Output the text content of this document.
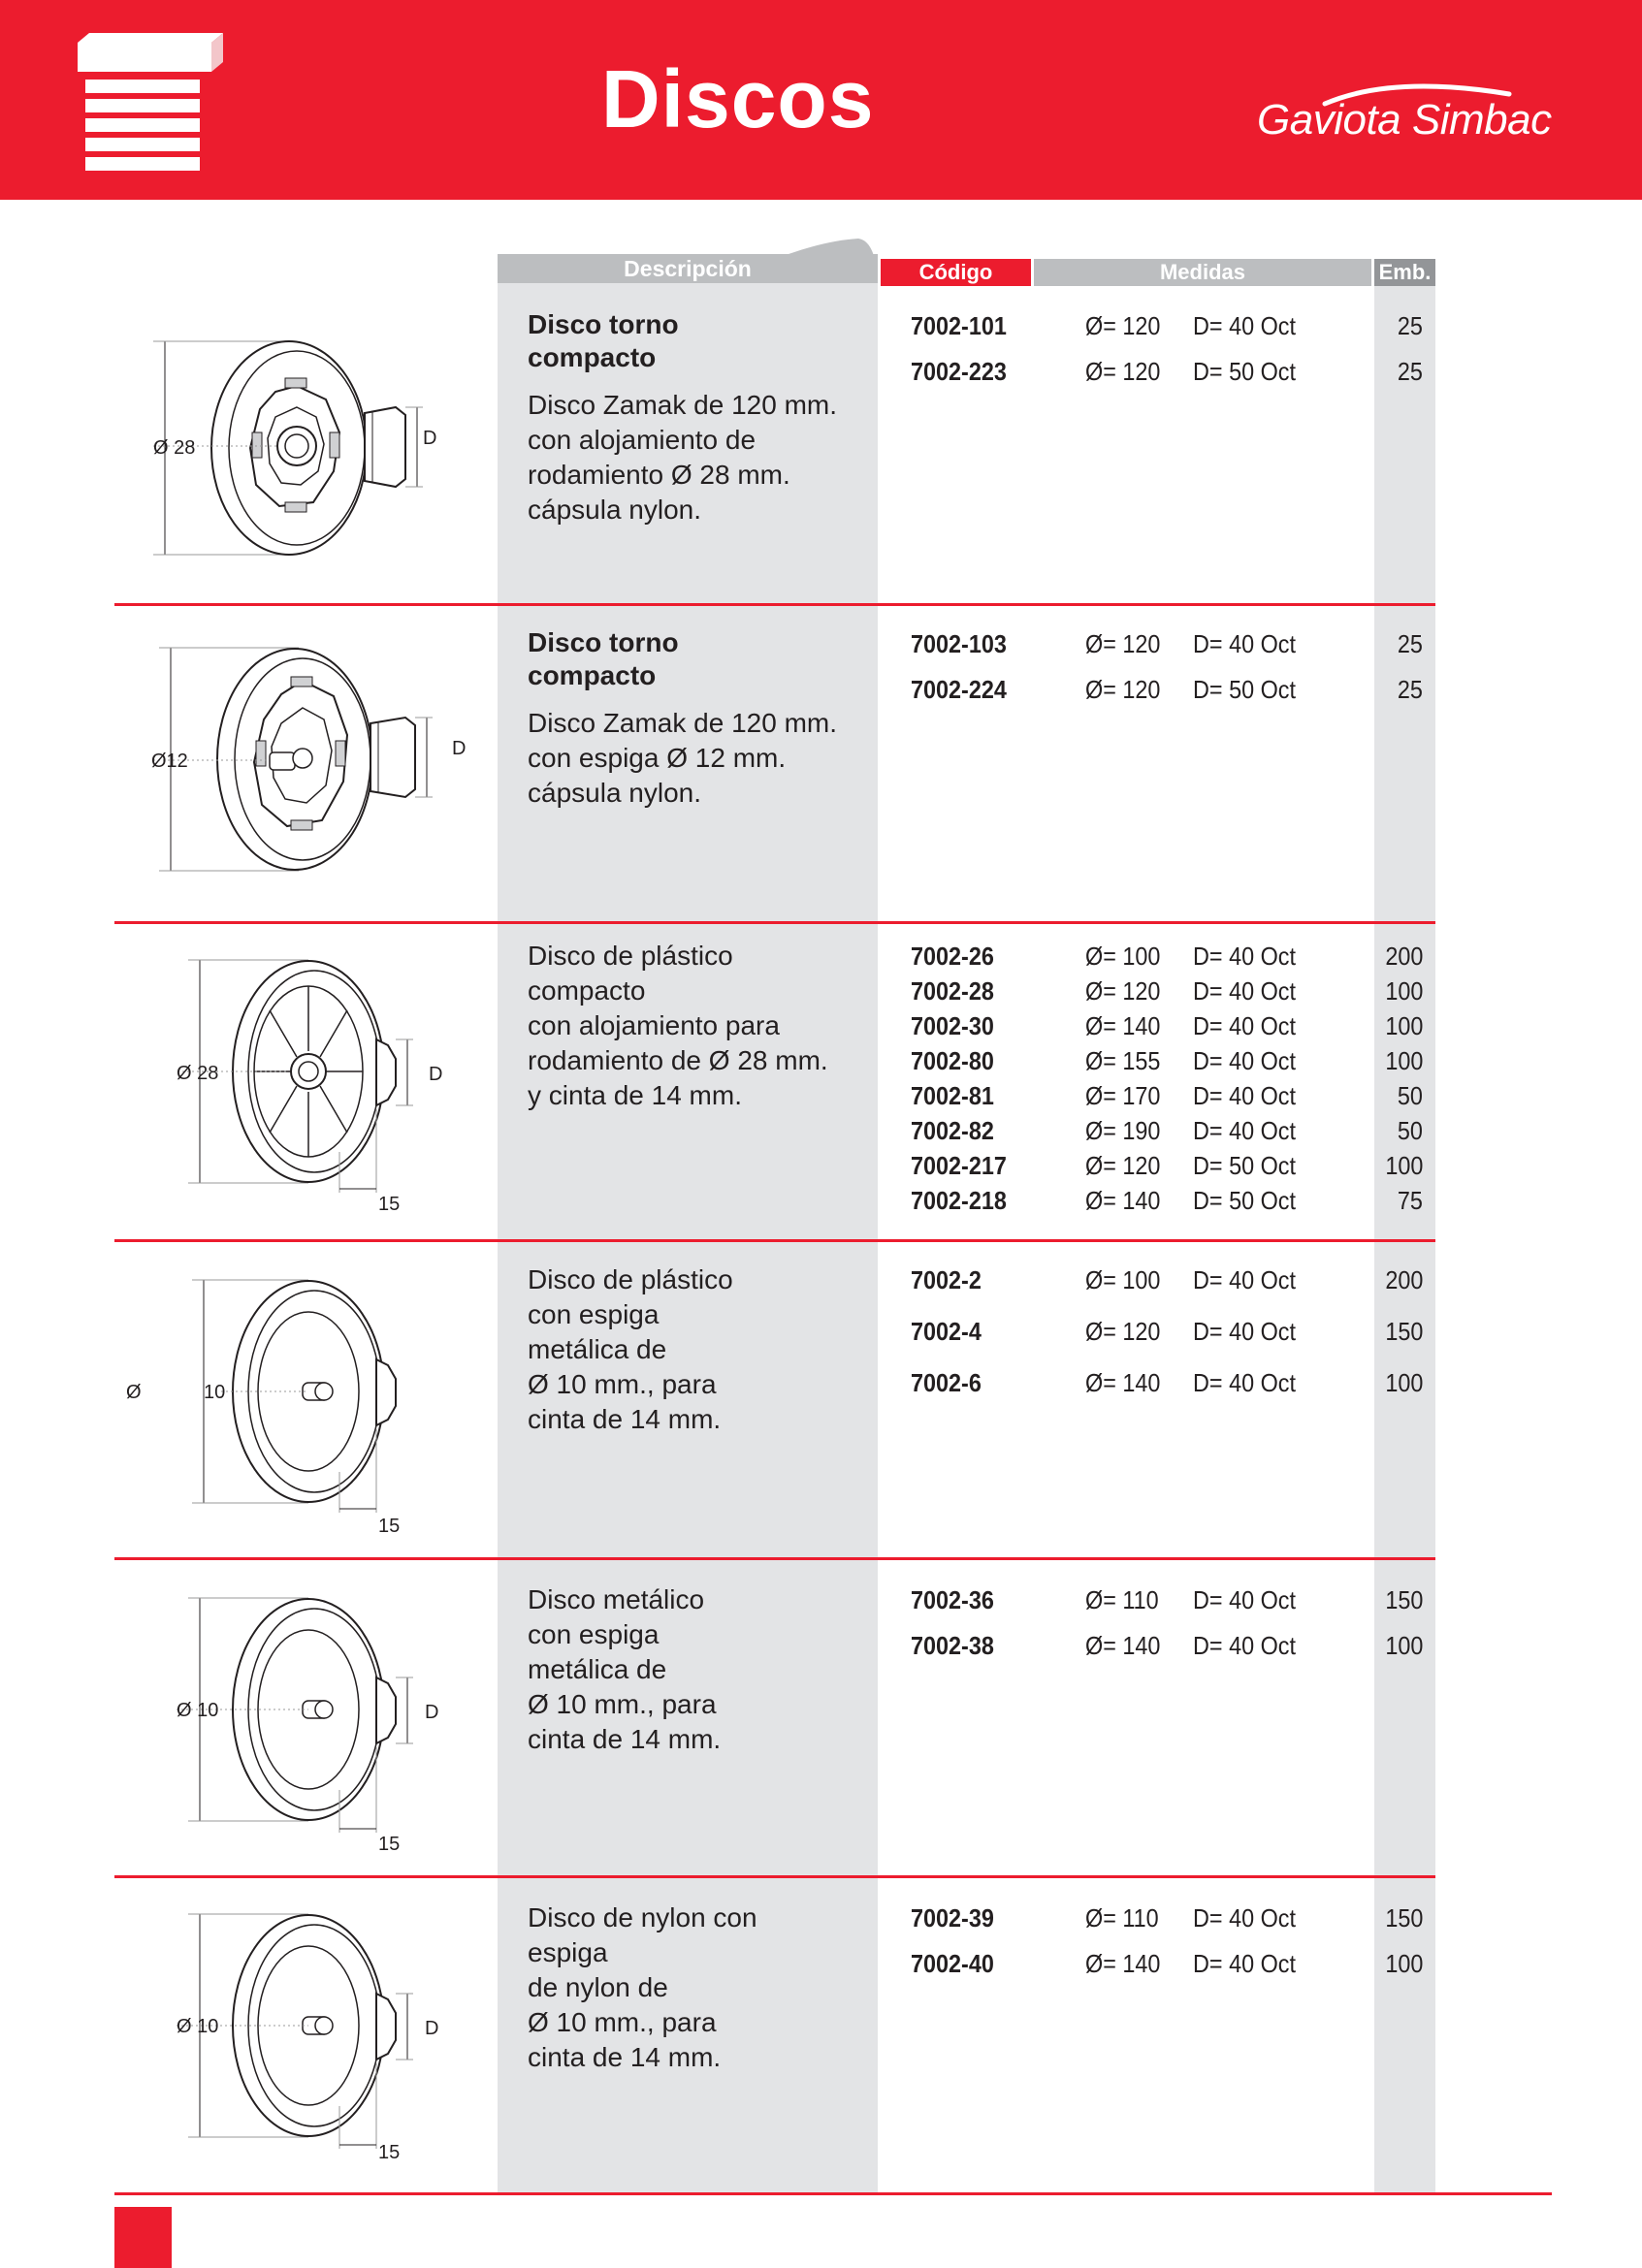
Discos	Gaviota Simbac
Descripción	Código	Medidas	Emb.
Ø 28	D
Disco torno
compacto
Disco Zamak de 120 mm.
con alojamiento de
rodamiento Ø 28 mm.
cápsula nylon.
7002-101	Ø= 120 D= 40 Oct	25
7002-223	Ø= 120 D= 50 Oct	25
Ø12
D
Disco torno
compacto
Disco Zamak de 120 mm.
con espiga Ø 12 mm.
cápsula nylon.
7002-103	Ø= 120 D= 40 Oct	25
7002-224	Ø= 120 D= 50 Oct	25
Ø 28	D
15
Disco de plástico
compacto
con alojamiento para
rodamiento de Ø 28 mm.
y cinta de 14 mm.
7002-26	Ø= 100 D= 40 Oct	200
7002-28	Ø= 120 D= 40 Oct	100
7002-30	Ø= 140 D= 40 Oct	100
7002-80	Ø= 155 D= 40 Oct	100
7002-81	Ø= 170 D= 40 Oct	50
7002-82	Ø= 190 D= 40 Oct	50
7002-217	Ø= 120 D= 50 Oct	100
7002-218	Ø= 140 D= 50 Oct	75
Ø	10
15
Disco de plástico
con espiga
metálica de
Ø 10 mm., para
cinta de 14 mm.
7002-2	Ø= 100 D= 40 Oct	200
7002-4	Ø= 120 D= 40 Oct	150
7002-6	Ø= 140 D= 40 Oct	100
Ø 10	D
15
Disco metálico
con espiga
metálica de
Ø 10 mm., para
cinta de 14 mm.
7002-36	Ø= 110 D= 40 Oct	150
7002-38	Ø= 140 D= 40 Oct	100
Ø 10	D
15
Disco de nylon con
espiga
de nylon de
Ø 10 mm., para
cinta de 14 mm.
7002-39	Ø= 110 D= 40 Oct	150
7002-40	Ø= 140 D= 40 Oct	100
